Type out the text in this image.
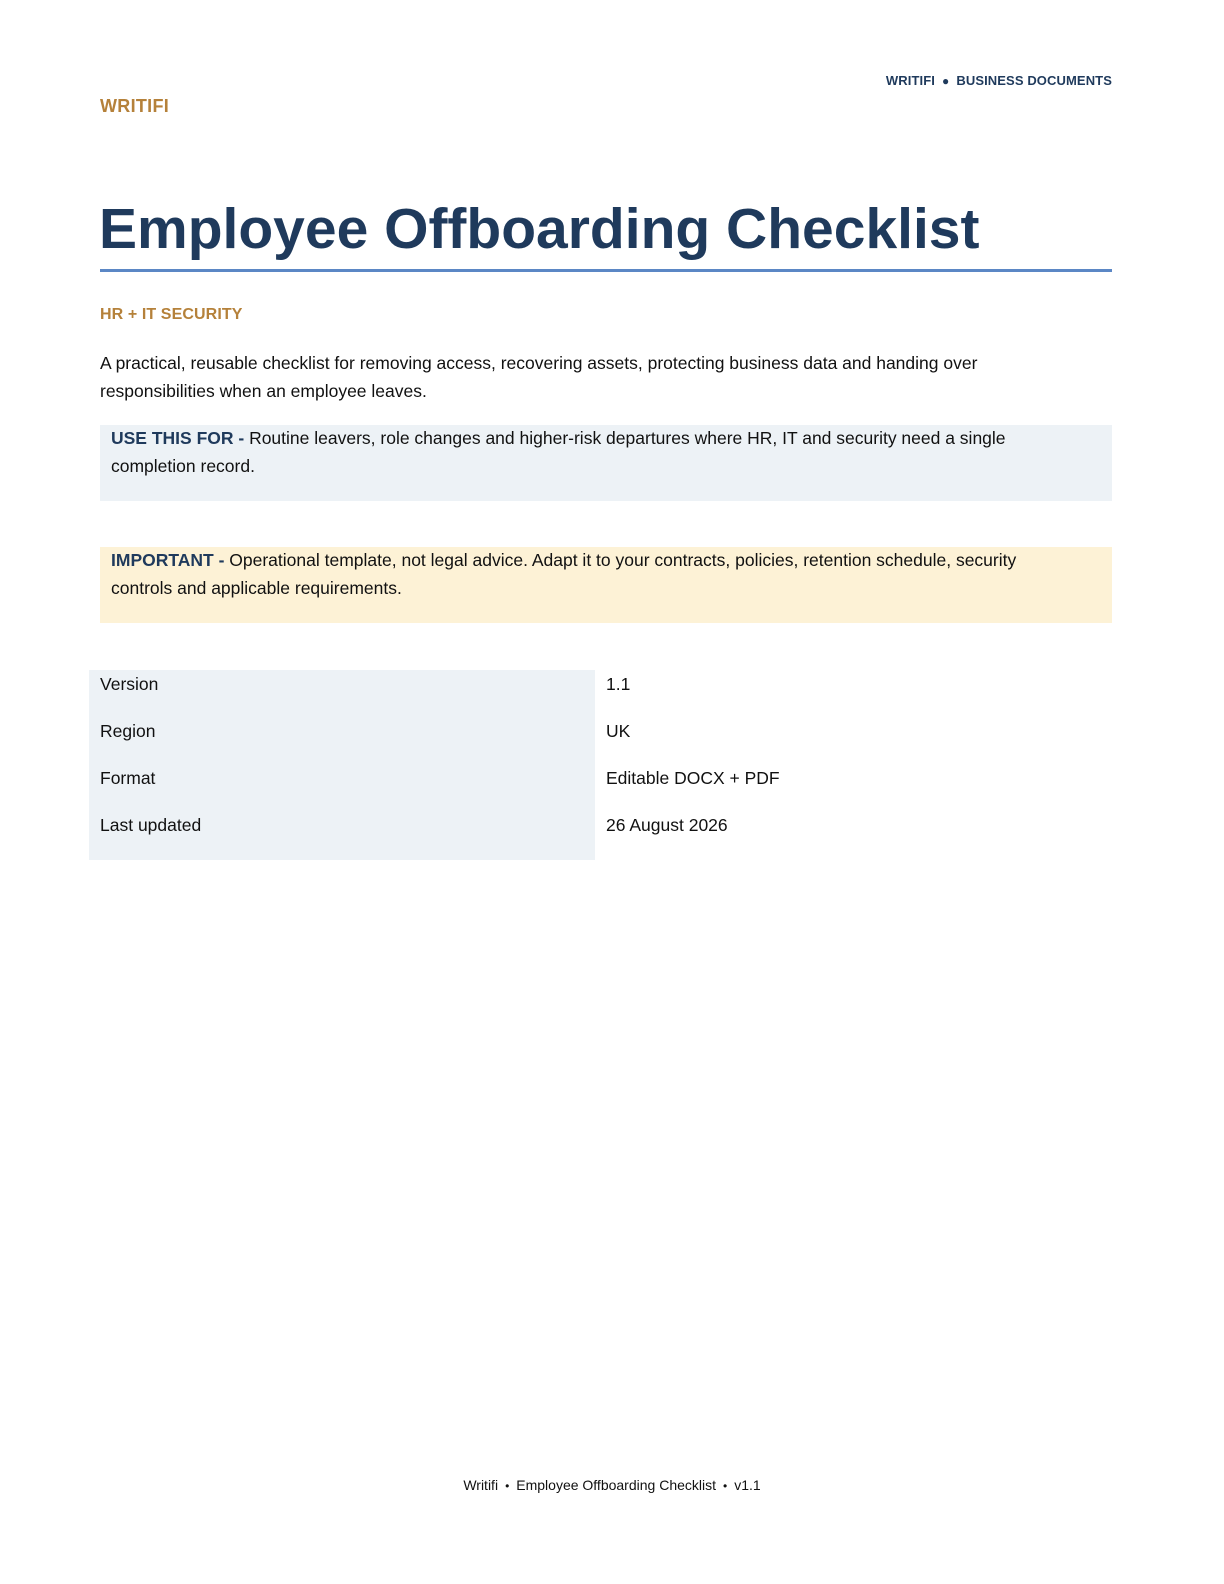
WRITIFI ● BUSINESS DOCUMENTS
WRITIFI
Employee Offboarding Checklist
HR + IT SECURITY

A practical, reusable checklist for removing access, recovering assets, protecting business data and handing over responsibilities when an employee leaves.

USE THIS FOR - Routine leavers, role changes and higher-risk departures where HR, IT and security need a single completion record.
IMPORTANT - Operational template, not legal advice. Adapt it to your contracts, policies, retention schedule, security controls and applicable requirements.
Version	1.1
Region	UK
Format	Editable DOCX + PDF
Last updated	26 August 2026
Writifi • Employee Offboarding Checklist • v1.1
